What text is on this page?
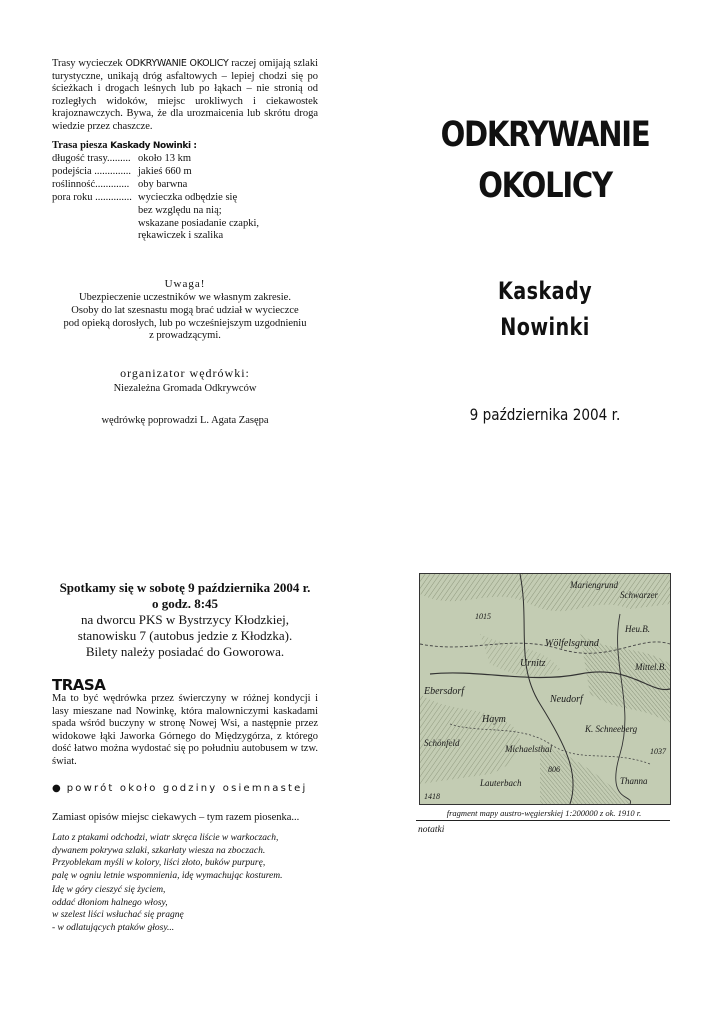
Trasy wycieczek ODKRYWANIE OKOLICY raczej omijają szlaki turystyczne, unikają dróg asfaltowych – lepiej chodzi się po ścieżkach i drogach leśnych lub po łąkach – nie stronią od rozległych widoków, miejsc urokliwych i ciekawostek krajoznawczych. Bywa, że dla urozmaicenia lub skrótu droga wiedzie przez chaszcze.
Trasa piesza Kaskady Nowinki :
długość trasy......... około 13 km
podejścia .............. jakieś 660 m
roślinność............. oby barwna
pora roku .............. wycieczka odbędzie się
bez względu na nią;
wskazane posiadanie czapki,
rękawiczek i szalika
Uwaga!
Ubezpieczenie uczestników we własnym zakresie.
Osoby do lat szesnastu mogą brać udział w wycieczce
pod opieką dorosłych, lub po wcześniejszym uzgodnieniu
z prowadzącymi.
organizator wędrówki:
Niezależna Gromada Odkrywców
wędrówkę poprowadzi L. Agata Zasępa
ODKRYWANIE
OKOLICY
Kaskady
Nowinki
9 października 2004 r.
Spotkamy się w sobotę 9 października 2004 r.
o godz. 8:45
na dworcu PKS w Bystrzycy Kłodzkiej,
stanowisku 7 (autobus jedzie z Kłodzka).
Bilety należy posiadać do Goworowa.
TRASA
Ma to być wędrówka przez świerczyny w różnej kondycji i lasy mieszane nad Nowinkę, która malowniczymi kaskadami spada wśród buczyny w stronę Nowej Wsi, a następnie przez widokowe łąki Jaworka Górnego do Międzygórza, z którego dość łatwo można wydostać się po południu autobusem w tzw. świat.
● powrót około godziny osiemnastej
Zamiast opisów miejsc ciekawych – tym razem piosenka...
Lato z ptakami odchodzi, wiatr skręca liście w warkoczach,
dywanem pokrywa szlaki, szkarłaty wiesza na zboczach.
Przyoblekam myśli w kolory, liści złoto, buków purpurę,
palę w ogniu letnie wspomnienia, idę wymachując kosturem.
Idę w góry cieszyć się życiem,
oddać dłoniom halnego włosy,
w szelest liści wsłuchać się pragnę
- w odlatujących ptaków głosy...
Mariengrund
Schwarzer
Heu.B.
Wölfelsgrund
Urnitz	Mittel.B.
Ebersdorf
Neudorf
K. Schneeberg
Haym
Schönfeld
Michaelsthal
Lauterbach	Thanna
1418
806
1015
1037
fragment mapy austro-węgierskiej 1:200000 z ok. 1910 r.
notatki
